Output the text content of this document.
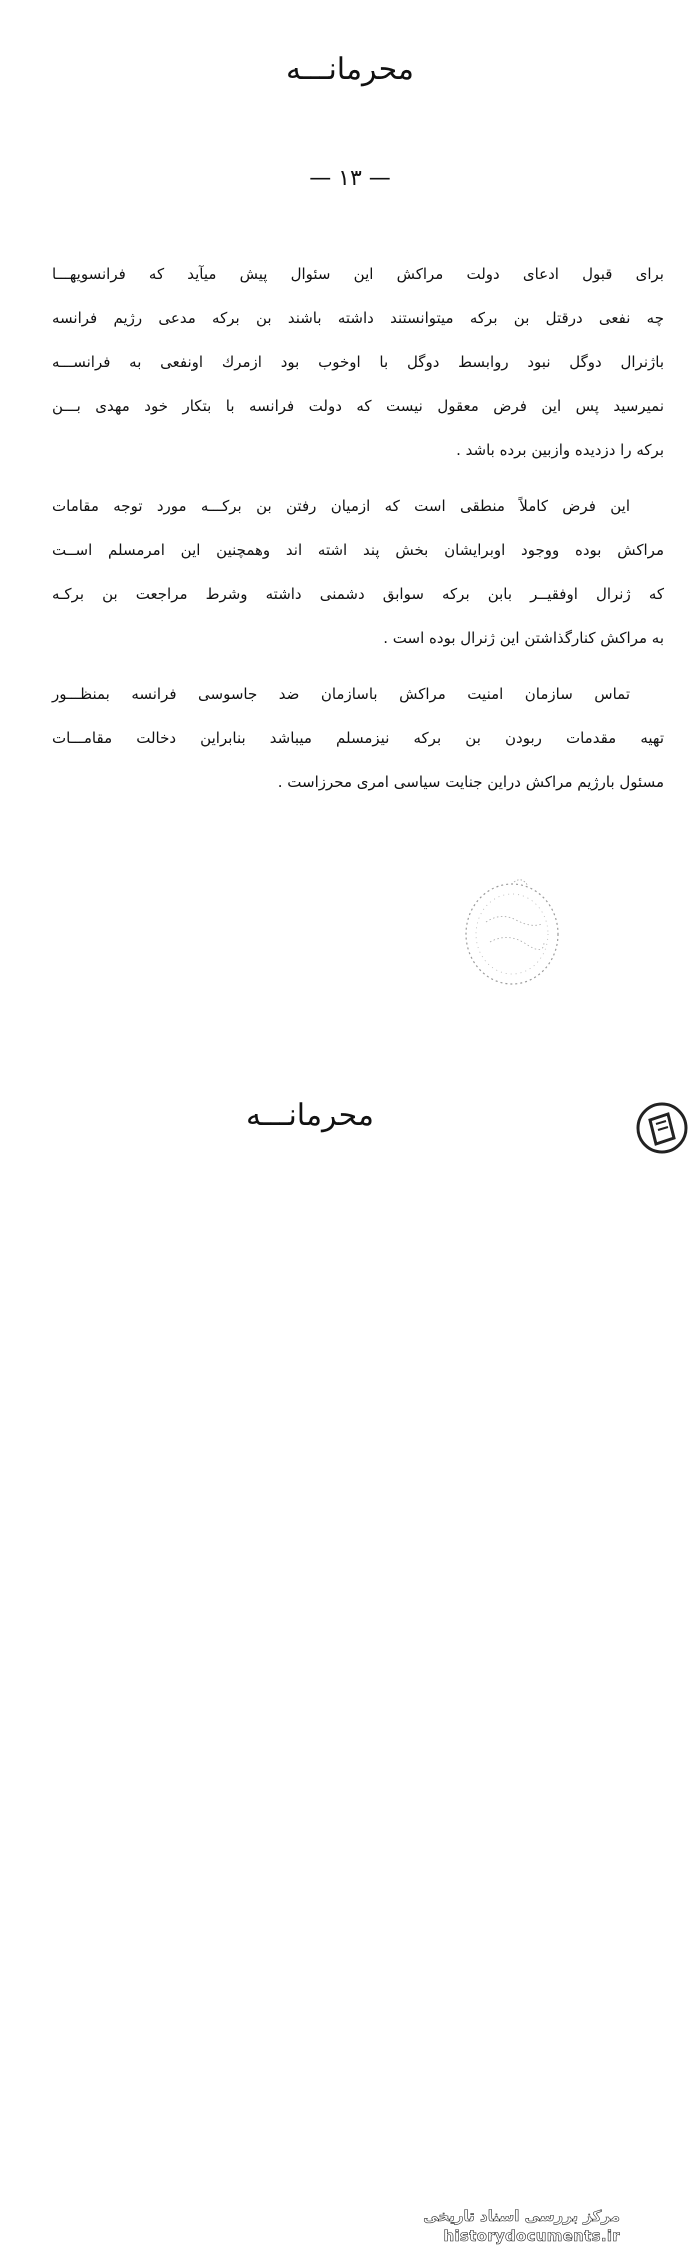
محرمانـــه
— ۱۳ —
برای قبول ادعای دولت مراکش این سئوال پیش میآید که فرانسویهـــا
چه نفعی درقتل بن برکه میتوانستند داشته باشند بن برکه مدعی رژیم فرانسه
باژنرال دوگل نبود روابسط دوگل با اوخوب بود ازمرك اونفعی به فرانســـه
نمیرسید پس این فرض معقول نیست که دولت فرانسه با بتکار خود مهدی بـــن
برکه را دزدیده وازبین برده باشد .
این فرض کاملاً منطقی است که ازمیان رفتن بن برکـــه مورد توجه مقامات
مراکش بوده ووجود اوبرایشان بخش پند اشته اند وهمچنین این امرمسلم اســت
که ژنرال اوفقیــر بابن برکه سوابق دشمنی داشته وشرط مراجعت بن برکـه
به مراکش کنارگذاشتن این ژنرال بوده است .
تماس سازمان امنیت مراکش باسازمان ضد جاسوسی فرانسه بمنظـــور
تهیه مقدمات ربودن بن برکه نیزمسلم میباشد بنابراین دخالت مقامـــات
مسئول بارژیم مراکش دراین جنایت سیاسی امری محرزاست .
محرمانـــه
مرکز بررسی اسناد تاریخی
historydocuments.ir
